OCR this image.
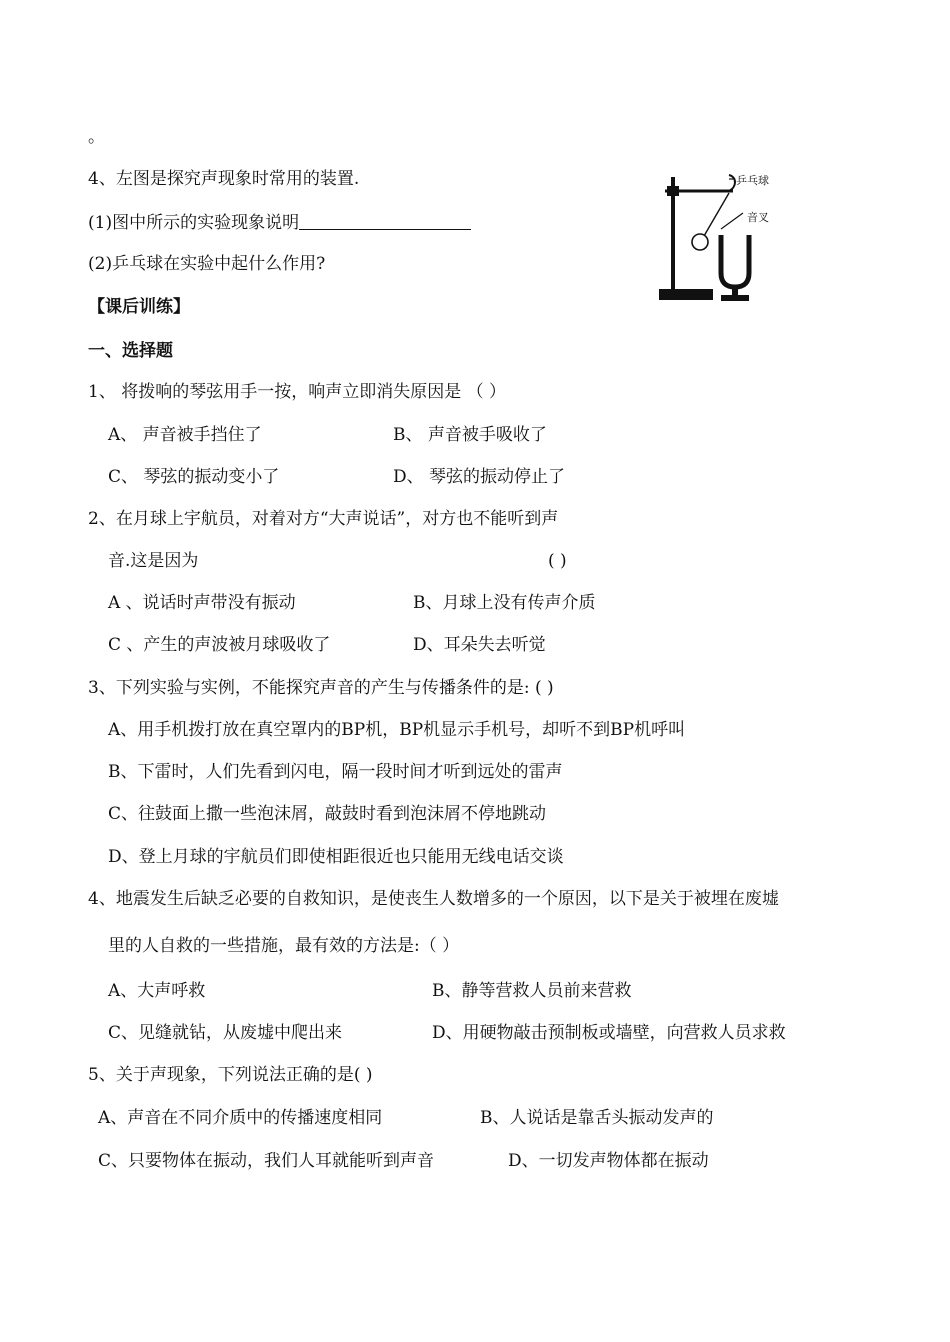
。
4、左图是探究声现象时常用的装置.
(1)图中所示的实验现象说明
(2)乒乓球在实验中起什么作用?
乒乓球
音叉
【课后训练】
一、选择题
1、 将拨响的琴弦用手一按，响声立即消失原因是 （ ）
A、 声音被手挡住了	B、 声音被手吸收了
C、 琴弦的振动变小了	D、 琴弦的振动停止了
2、在月球上宇航员，对着对方“大声说话”，对方也不能听到声
音.这是因为	( )
A 、说话时声带没有振动	B、月球上没有传声介质
C 、产生的声波被月球吸收了	D、耳朵失去听觉
3、下列实验与实例，不能探究声音的产生与传播条件的是: ( )
A、用手机拨打放在真空罩内的BP机，BP机显示手机号，却听不到BP机呼叫
B、下雷时，人们先看到闪电，隔一段时间才听到远处的雷声
C、往鼓面上撒一些泡沫屑，敲鼓时看到泡沫屑不停地跳动
D、登上月球的宇航员们即使相距很近也只能用无线电话交谈
4、地震发生后缺乏必要的自救知识，是使丧生人数增多的一个原因，以下是关于被埋在废墟
里的人自救的一些措施，最有效的方法是:（ ）
A、大声呼救	B、静等营救人员前来营救
C、见缝就钻，从废墟中爬出来	D、用硬物敲击预制板或墙壁，向营救人员求救
5、关于声现象，下列说法正确的是( )
A、声音在不同介质中的传播速度相同	B、人说话是靠舌头振动发声的
C、只要物体在振动，我们人耳就能听到声音	D、一切发声物体都在振动
